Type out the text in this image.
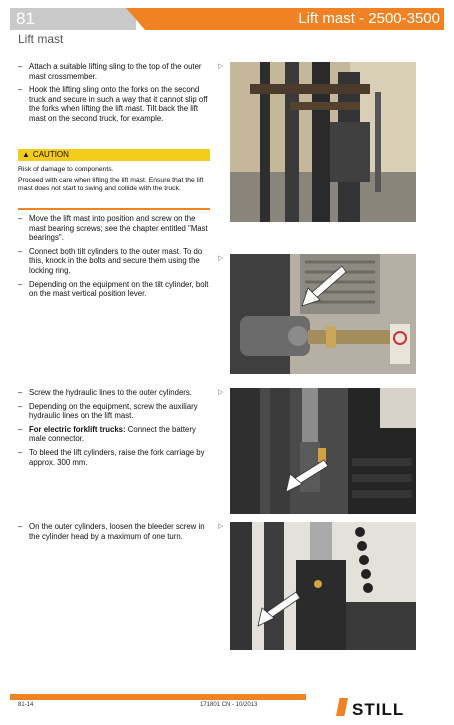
81	Lift mast - 2500-3500
Lift mast
– Attach a suitable lifting sling to the top of the outer mast crossmember.
– Hook the lifting sling onto the forks on the second truck and secure in such a way that it cannot slip off the forks when lifting the lift mast. Tilt back the lift mast on the second truck, for example.
▷
▲ CAUTION

Risk of damage to components.

Proceed with care when lifting the lift mast. Ensure that the lift mast does not start to swing and collide with the truck.

– Move the lift mast into position and screw on the mast bearing screws; see the chapter entitled "Mast bearings".
– Connect both tilt cylinders to the outer mast. To do this, knock in the bolts and secure them using the locking ring.
– Depending on the equipment on the tilt cylinder, bolt on the mast vertical position lever.
▷
– Screw the hydraulic lines to the outer cylinders.
– Depending on the equipment, screw the auxiliary hydraulic lines on the lift mast.
– For electric forklift trucks: Connect the battery male connector.
– To bleed the lift cylinders, raise the fork carriage by approx. 300 mm.
▷
– On the outer cylinders, loosen the bleeder screw in the cylinder head by a maximum of one turn.
▷
81-14	171801 CN - 10/2013	STILL
